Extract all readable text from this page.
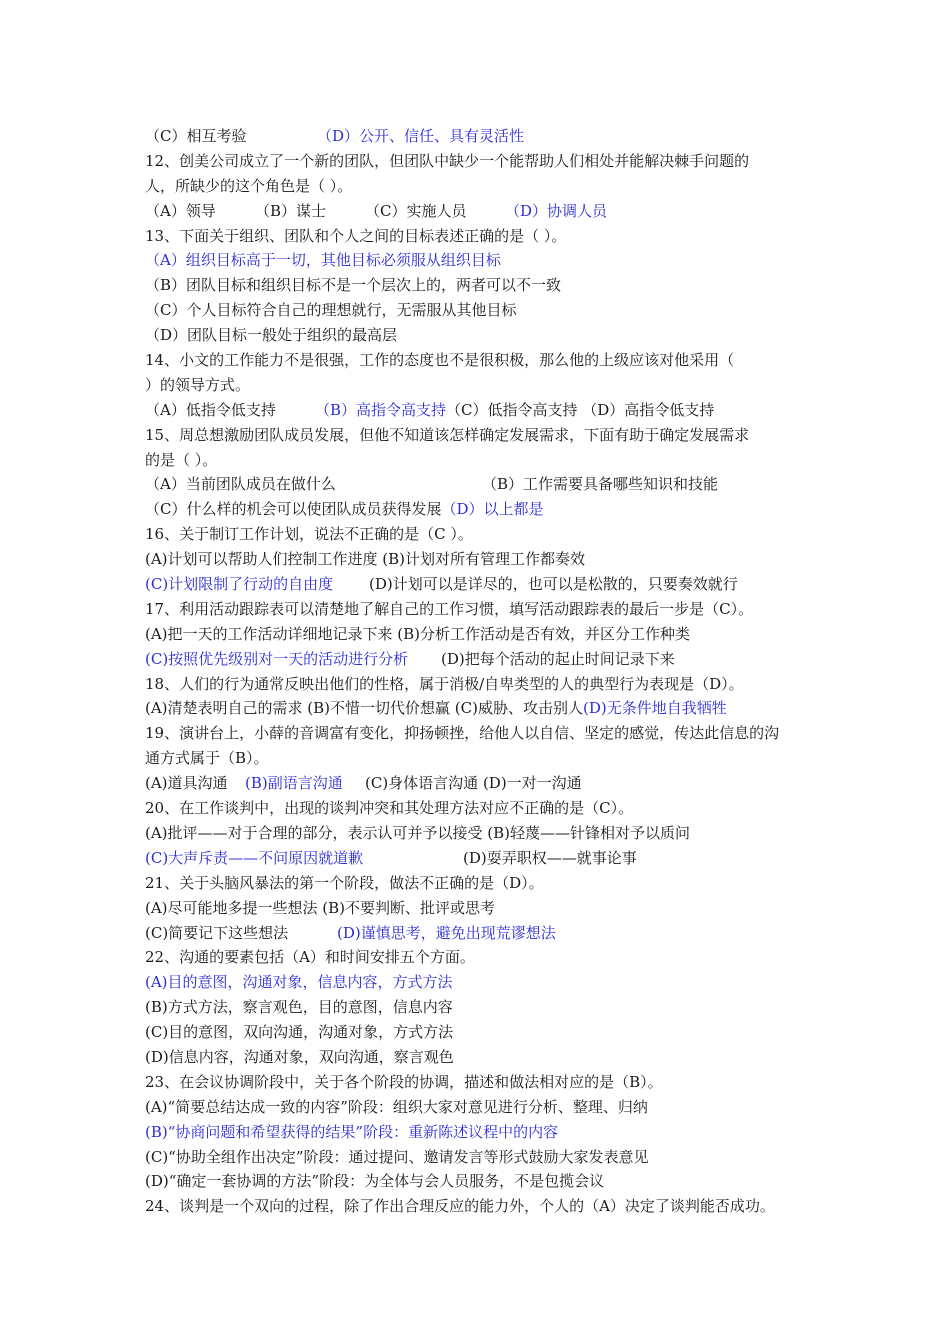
（C）相互考验	（D）公开、信任、具有灵活性
12、创美公司成立了一个新的团队，但团队中缺少一个能帮助人们相处并能解决棘手问题的
人，所缺少的这个角色是（ ）。
（A）领导	（B）谋士	（C）实施人员	（D）协调人员
13、下面关于组织、团队和个人之间的目标表述正确的是（ ）。
（A）组织目标高于一切，其他目标必须服从组织目标
（B）团队目标和组织目标不是一个层次上的，两者可以不一致
（C）个人目标符合自己的理想就行，无需服从其他目标
（D）团队目标一般处于组织的最高层
14、小文的工作能力不是很强，工作的态度也不是很积极，那么他的上级应该对他采用（
）的领导方式。
（A）低指令低支持	（B）高指令高支持（C）低指令高支持 （D）高指令低支持
15、周总想激励团队成员发展，但他不知道该怎样确定发展需求，下面有助于确定发展需求
的是（ ）。
（A）当前团队成员在做什么	（B）工作需要具备哪些知识和技能
（C）什么样的机会可以使团队成员获得发展（D）以上都是
16、关于制订工作计划，说法不正确的是（C ）。
(A)计划可以帮助人们控制工作进度 (B)计划对所有管理工作都奏效
(C)计划限制了行动的自由度 (D)计划可以是详尽的，也可以是松散的，只要奏效就行
17、利用活动跟踪表可以清楚地了解自己的工作习惯，填写活动跟踪表的最后一步是（C）。
(A)把一天的工作活动详细地记录下来 (B)分析工作活动是否有效，并区分工作种类
(C)按照优先级别对一天的活动进行分析 (D)把每个活动的起止时间记录下来
18、人们的行为通常反映出他们的性格，属于消极/自卑类型的人的典型行为表现是（D）。
(A)清楚表明自己的需求 (B)不惜一切代价想赢 (C)威胁、攻击别人(D)无条件地自我牺牲
19、演讲台上，小薛的音调富有变化，抑扬顿挫，给他人以自信、坚定的感觉，传达此信息的沟
通方式属于（B）。
(A)道具沟通(B)副语言沟通 (C)身体语言沟通 (D)一对一沟通
20、在工作谈判中，出现的谈判冲突和其处理方法对应不正确的是（C）。
(A)批评——对于合理的部分，表示认可并予以接受 (B)轻蔑——针锋相对予以质问
(C)大声斥责——不问原因就道歉	(D)耍弄职权——就事论事
21、关于头脑风暴法的第一个阶段，做法不正确的是（D）。
(A)尽可能地多提一些想法 (B)不要判断、批评或思考
(C)简要记下这些想法	(D)谨慎思考，避免出现荒谬想法
22、沟通的要素包括（A）和时间安排五个方面。
(A)目的意图，沟通对象，信息内容，方式方法
(B)方式方法，察言观色，目的意图，信息内容
(C)目的意图，双向沟通，沟通对象，方式方法
(D)信息内容，沟通对象，双向沟通，察言观色
23、在会议协调阶段中，关于各个阶段的协调，描述和做法相对应的是（B）。
(A)“简要总结达成一致的内容”阶段：组织大家对意见进行分析、整理、归纳
(B)“协商问题和希望获得的结果”阶段：重新陈述议程中的内容
(C)“协助全组作出决定”阶段：通过提问、邀请发言等形式鼓励大家发表意见
(D)“确定一套协调的方法”阶段：为全体与会人员服务，不是包揽会议
24、谈判是一个双向的过程，除了作出合理反应的能力外，个人的（A）决定了谈判能否成功。
